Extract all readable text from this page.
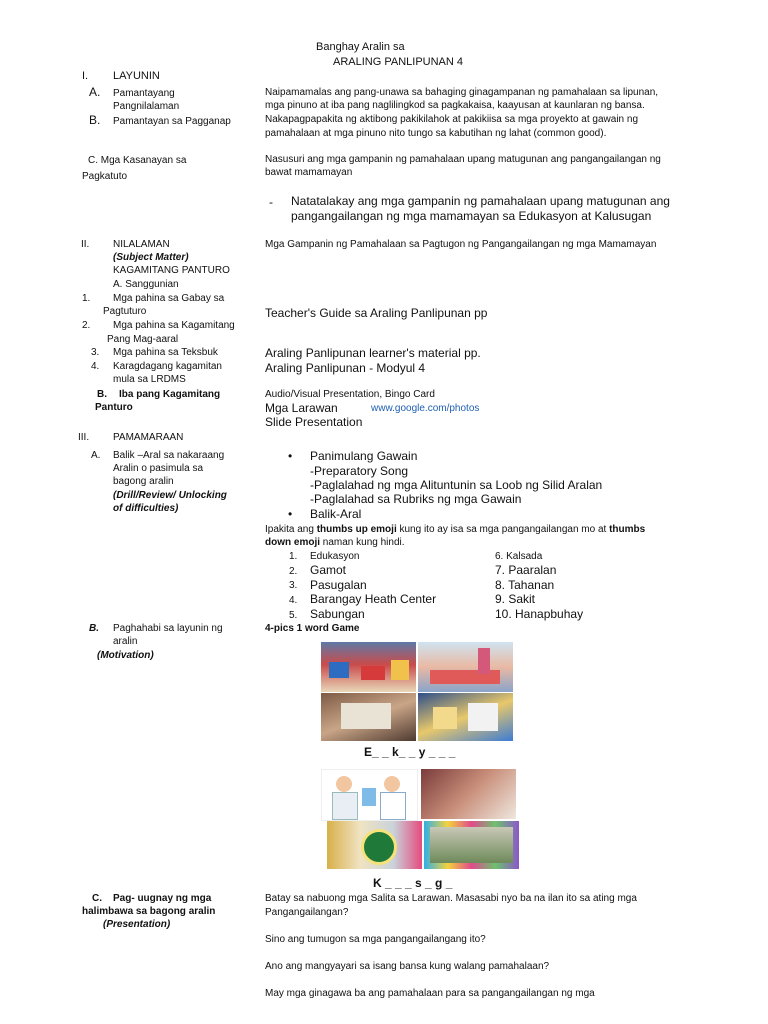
Banghay Aralin sa
ARALING PANLIPUNAN 4
I. LAYUNIN
A. Pamantayang
Pangnilalaman
Naipamamalas ang pang-unawa sa bahaging ginagampanan ng pamahalaan sa lipunan,
mga pinuno at iba pang naglilingkod sa pagkakaisa, kaayusan at kaunlaran ng bansa.
B. Pamantayan sa Pagganap	Nakapagpapakita ng aktibong pakikilahok at pakikiisa sa mga proyekto at gawain ng
pamahalaan at mga pinuno nito tungo sa kabutihan ng lahat (common good).
C. Mga Kasanayan sa
Pagkatuto
Nasusuri ang mga gampanin ng pamahalaan upang matugunan ang pangangailangan ng
bawat mamamayan
- Natatalakay ang mga gampanin ng pamahalaan upang matugunan ang
pangangailangan ng mga mamamayan sa Edukasyon at Kalusugan
II. NILALAMAN
(Subject Matter)
KAGAMITANG PANTURO
A. Sanggunian
Mga Gampanin ng Pamahalaan sa Pagtugon ng Pangangailangan ng mga Mamamayan
1. Mga pahina sa Gabay sa
Pagtuturo
2. Mga pahina sa Kagamitang
Pang Mag-aaral
3. Mga pahina sa Teksbuk
4. Karagdagang kagamitan
mula sa LRDMS
B. Iba pang Kagamitang
Panturo
Teacher's Guide sa Araling Panlipunan pp
Araling Panlipunan learner's material pp.
Araling Panlipunan - Modyul 4
Audio/Visual Presentation, Bingo Card
Mga Larawan	www.google.com/photos
Slide Presentation
III. PAMAMARAAN
A. Balik –Aral sa nakaraang
Aralin o pasimula sa
bagong aralin
(Drill/Review/ Unlocking
of difficulties)
• Panimulang Gawain
-Preparatory Song
-Paglalahad ng mga Alituntunin sa Loob ng Silid Aralan
-Paglalahad sa Rubriks ng mga Gawain
• Balik-Aral
Ipakita ang thumbs up emoji kung ito ay isa sa mga pangangailangan mo at thumbs
down emoji naman kung hindi.
1. Edukasyon
2. Gamot
3. Pasugalan
4. Barangay Heath Center
5. Sabungan
6. Kalsada
7. Paaralan
8. Tahanan
9. Sakit
10. Hanapbuhay
B. Paghahabi sa layunin ng
aralin
(Motivation)
4-pics 1 word Game
E_ _ k_ _ y _ _ _
K _ _ _ s _ g _
C. Pag- uugnay ng mga
halimbawa sa bagong aralin
(Presentation)
Batay sa nabuong mga Salita sa Larawan. Masasabi nyo ba na ilan ito sa ating mga
Pangangailangan?
Sino ang tumugon sa mga pangangailangang ito?
Ano ang mangyayari sa isang bansa kung walang pamahalaan?
May mga ginagawa ba ang pamahalaan para sa pangangailangan ng mga
